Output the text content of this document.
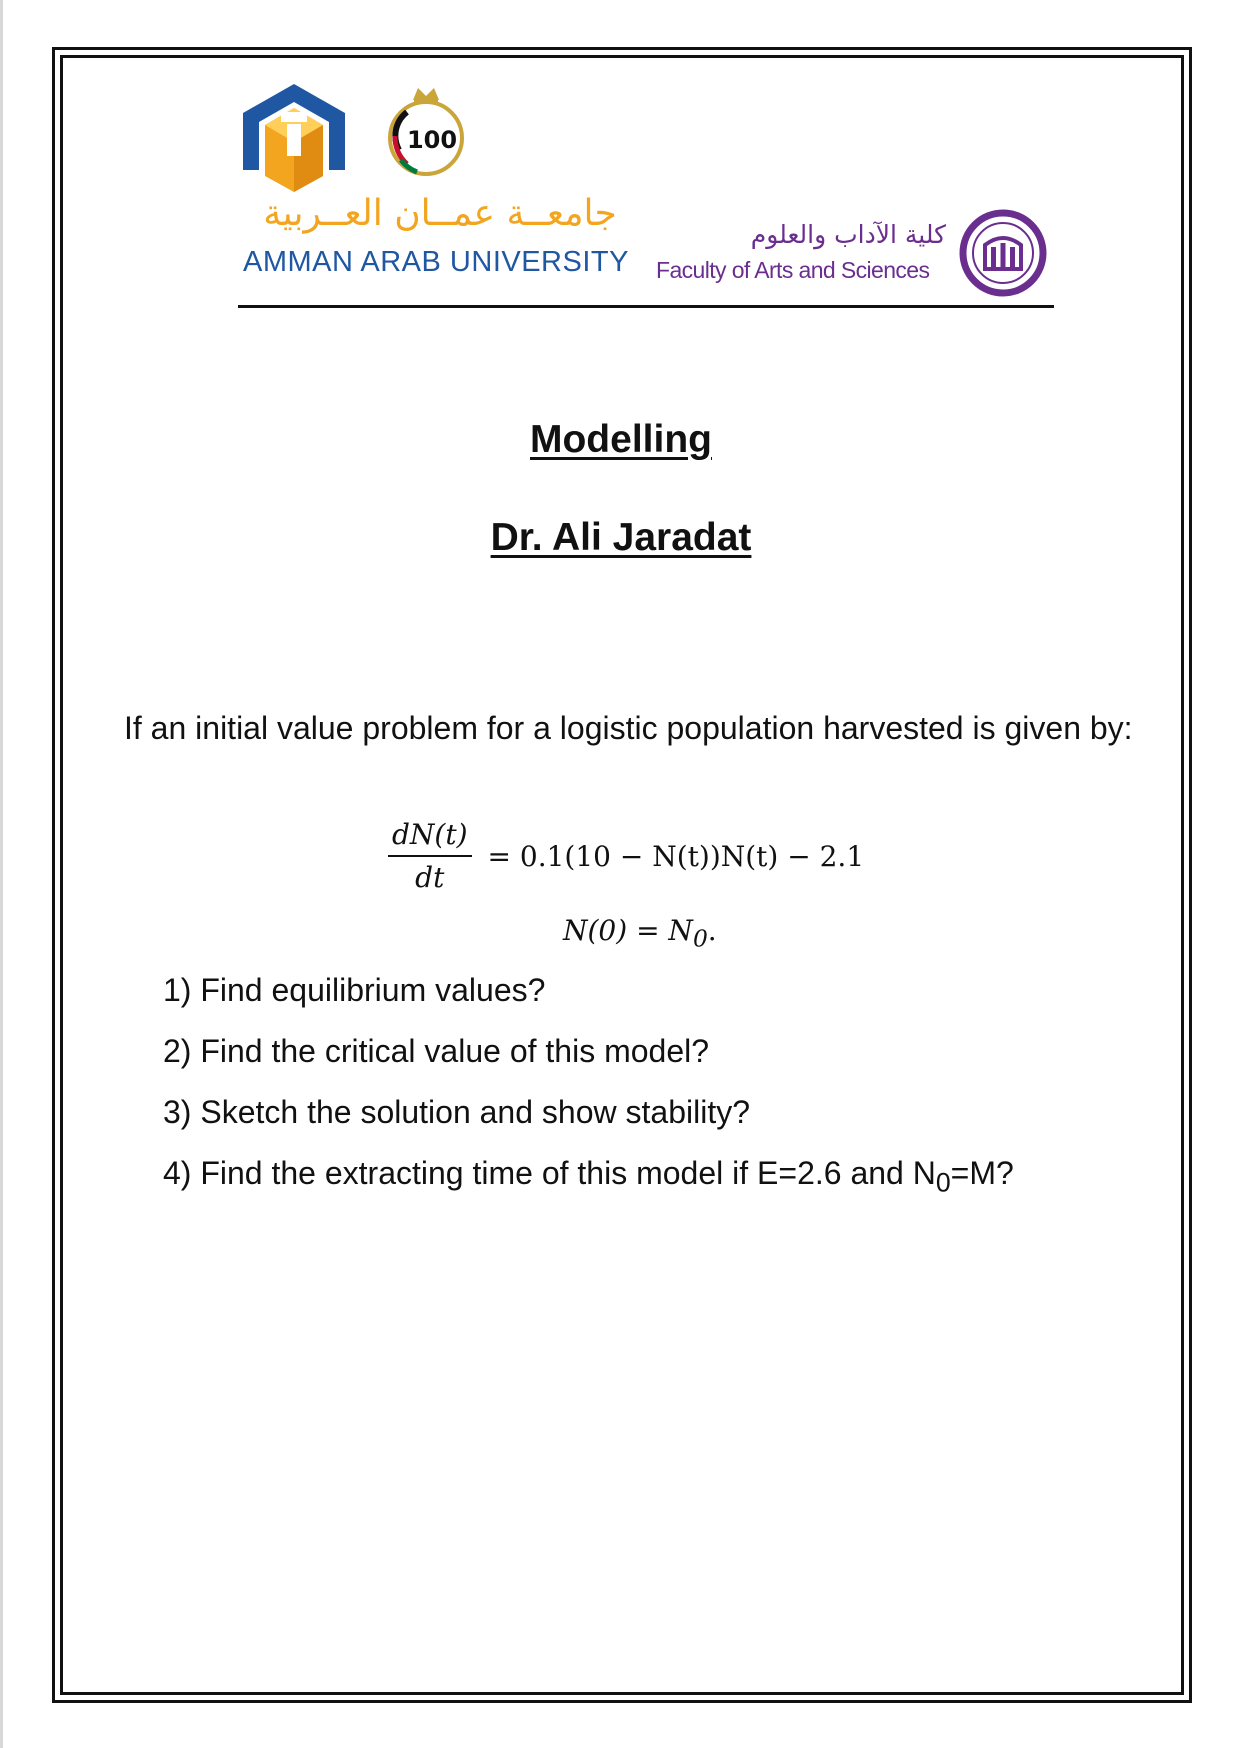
100
جامعــة عمــان العــربية
AMMAN ARAB UNIVERSITY
كلية الآداب والعلوم
Faculty of Arts and Sciences
Modelling
Dr. Ali Jaradat

If an initial value problem for a logistic population harvested is given by:

$\frac{dN(t)}{dt} = 0.1(10 - N(t))N(t) - 2.1$
$N(0) = N_0$.
1) Find equilibrium values?
2) Find the critical value of this model?
3) Sketch the solution and show stability?
4) Find the extracting time of this model if E=2.6 and $N_0=M$?
